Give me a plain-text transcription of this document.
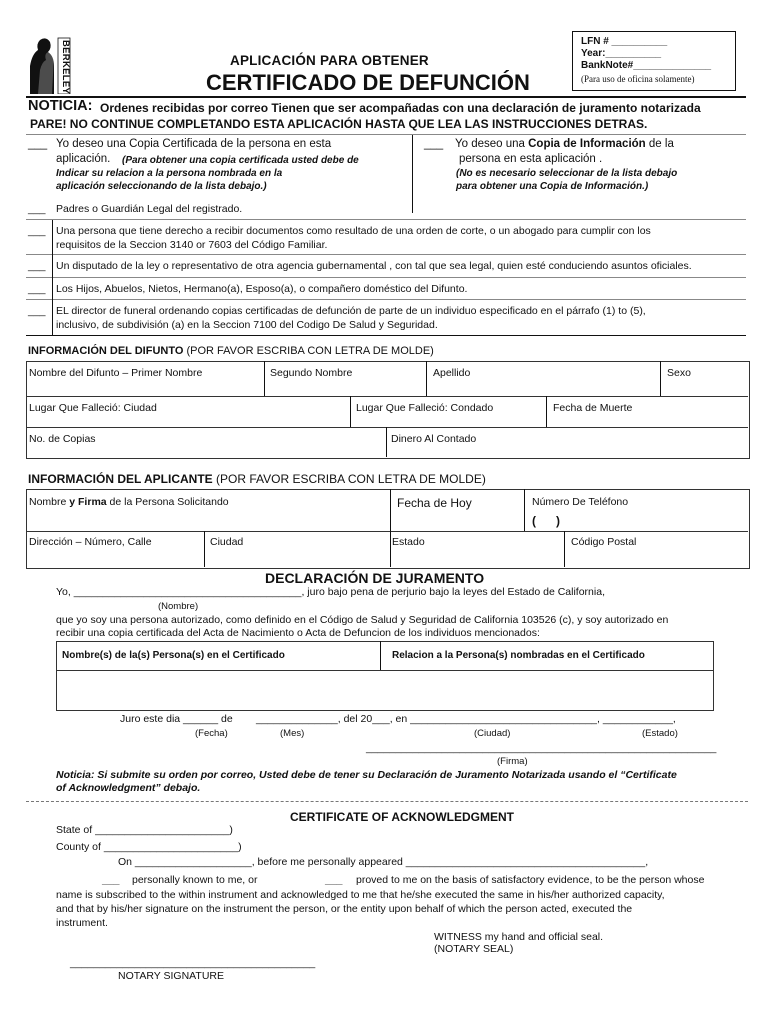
BERKELEY	APLICACIÓN PARA OBTENER
CERTIFICADO DE DEFUNCIÓN
LFN # __________
Year:__________
BankNote#______________
(Para uso de oficina solamente)
NOTICIA: Ordenes recibidas por correo Tienen que ser acompañadas con una declaración de juramento notarizada
PARE! NO CONTINUE COMPLETANDO ESTA APLICACIÓN HASTA QUE LEA LAS INSTRUCCIONES DETRAS.
___ Yo deseo una Copia Certificada de la persona en esta
aplicación. (Para obtener una copia certificada usted debe de
Indicar su relacion a la persona nombrada en la
aplicación seleccionando de la lista debajo.)
___ Yo deseo una Copia de Información de la
persona en esta aplicación .
(No es necesario seleccionar de la lista debajo
para obtener una Copia de Información.)
___ Padres o Guardián Legal del registrado.
___ Una persona que tiene derecho a recibir documentos como resultado de una orden de corte, o un abogado para cumplir con los
requisitos de la Seccion 3140 or 7603 del Código Familiar.
___ Un disputado de la ley o representativo de otra agencia gubernamental , con tal que sea legal, quien esté conduciendo asuntos oficiales.
___ Los Hijos, Abuelos, Nietos, Hermano(a), Esposo(a), o compañero doméstico del Difunto.
___ EL director de funeral ordenando copias certificadas de defunción de parte de un individuo especificado en el párrafo (1) to (5),
inclusivo, de subdivisión (a) en la Seccion 7100 del Codigo De Salud y Seguridad.
INFORMACIÓN DEL DIFUNTO (POR FAVOR ESCRIBA CON LETRA DE MOLDE)
Nombre del Difunto – Primer Nombre	Segundo Nombre	Apellido	Sexo
Lugar Que Falleció: Ciudad	Lugar Que Falleció: Condado	Fecha de Muerte
No. de Copias	Dinero Al Contado
INFORMACIÓN DEL APLICANTE (POR FAVOR ESCRIBA CON LETRA DE MOLDE)
Nombre y Firma de la Persona Solicitando	Fecha de Hoy	Número De Teléfono
(      )
Dirección – Número, Calle	Ciudad	Estado	Código Postal
DECLARACIÓN DE JURAMENTO
Yo, _______________________________________, juro bajo pena de perjurio bajo la leyes del Estado de California,
(Nombre)
que yo soy una persona autorizado, como definido en el Código de Salud y Seguridad de California 103526 (c), y soy autorizado en
recibir una copia certificada del Acta de Nacimiento o Acta de Defuncion de los individuos mencionados:
Nombre(s) de la(s) Persona(s) en el Certificado	Relacion a la Persona(s) nombradas en el Certificado
Juro este dia ______ de ______________, del 20___, en ________________________________, ____________,
(Fecha)	(Mes)	(Ciudad)	(Estado)
____________________________________________________________
(Firma)
Noticia: Si submite su orden por correo, Usted debe de tener su Declaración de Juramento Notarizada usando el “Certificate
of Acknowledgment” debajo.
CERTIFICATE OF ACKNOWLEDGMENT
State of _______________________)
County of _______________________)
On ____________________, before me personally appeared _________________________________________,
___ personally known to me, or	___ proved to me on the basis of satisfactory evidence, to be the person whose
name is subscribed to the within instrument and acknowledged to me that he/she executed the same in his/her authorized capacity,
and that by his/her signature on the instrument the person, or the entity upon behalf of which the person acted, executed the
instrument.
WITNESS my hand and official seal.
(NOTARY SEAL)
__________________________________________
NOTARY SIGNATURE
